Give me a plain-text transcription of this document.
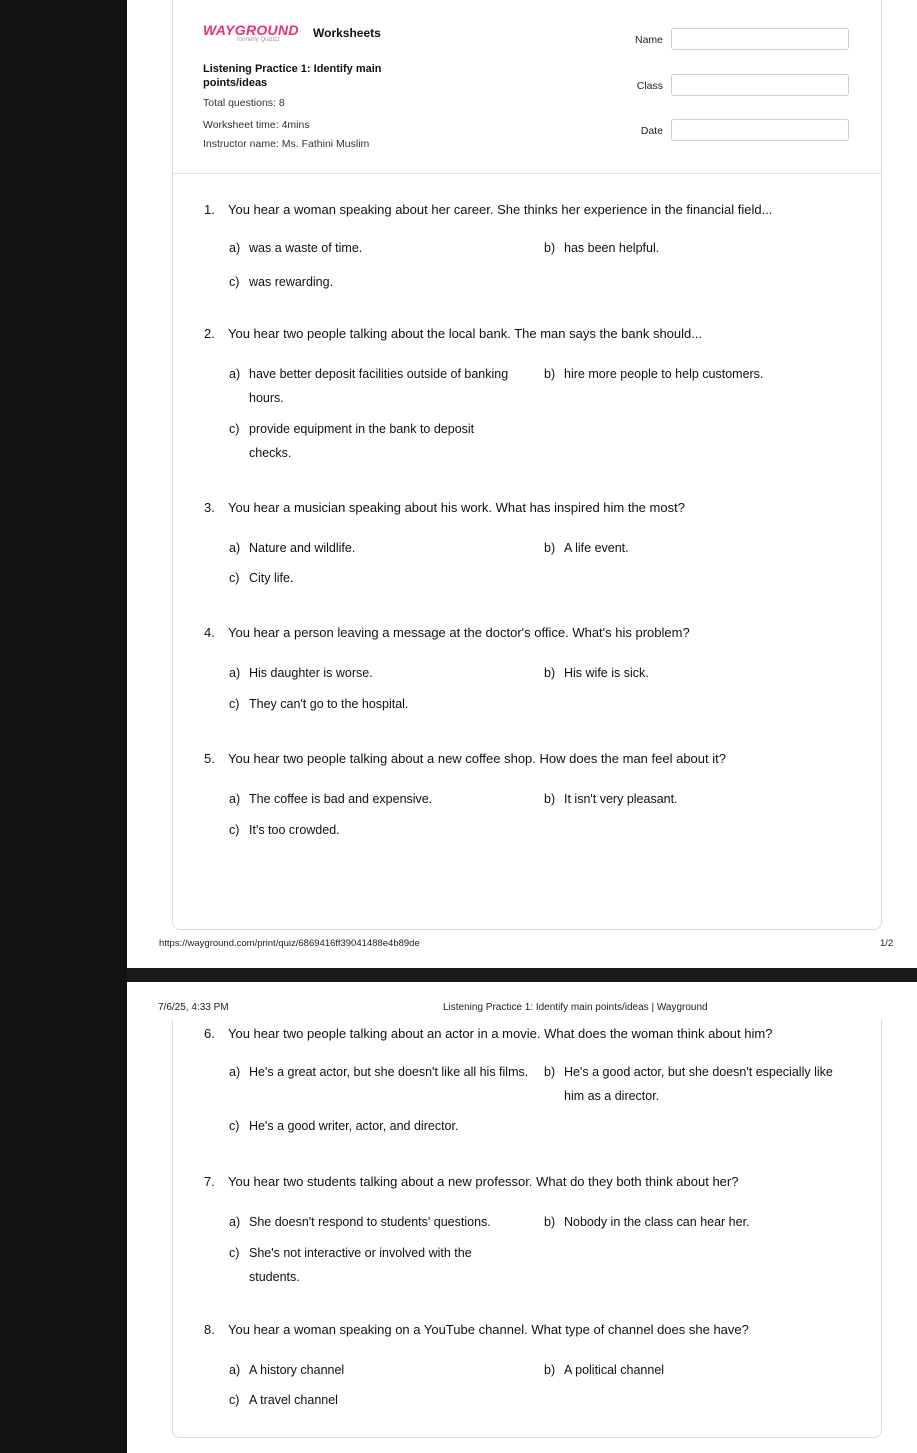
WAYGROUND
formerly Quizizz	Worksheets
Listening Practice 1: Identify main points/ideas
Total questions: 8
Worksheet time: 4mins
Instructor name: Ms. Fathini Muslim
Name
Class
Date
1. You hear a woman speaking about her career. She thinks her experience in the financial field...
a) was a waste of time.	b) has been helpful.
c) was rewarding.
2. You hear two people talking about the local bank. The man says the bank should...
a) have better deposit facilities outside of banking hours.
b) hire more people to help customers.
c) provide equipment in the bank to deposit checks.
3. You hear a musician speaking about his work. What has inspired him the most?
a) Nature and wildlife.	b) A life event.
c) City life.
4. You hear a person leaving a message at the doctor's office. What's his problem?
a) His daughter is worse.	b) His wife is sick.
c) They can't go to the hospital.
5. You hear two people talking about a new coffee shop. How does the man feel about it?
a) The coffee is bad and expensive.	b) It isn't very pleasant.
c) It's too crowded.
https://wayground.com/print/quiz/6869416ff39041488e4b89de	1/2
7/6/25, 4:33 PM	Listening Practice 1: Identify main points/ideas | Wayground
6. You hear two people talking about an actor in a movie. What does the woman think about him?
a) He's a great actor, but she doesn't like all his films. b) He's a good actor, but she doesn't especially like him as a director.
c) He's a good writer, actor, and director.
7. You hear two students talking about a new professor. What do they both think about her?
a) She doesn't respond to students' questions.	b) Nobody in the class can hear her.
c) She's not interactive or involved with the students.
8. You hear a woman speaking on a YouTube channel. What type of channel does she have?
a) A history channel	b) A political channel
c) A travel channel
